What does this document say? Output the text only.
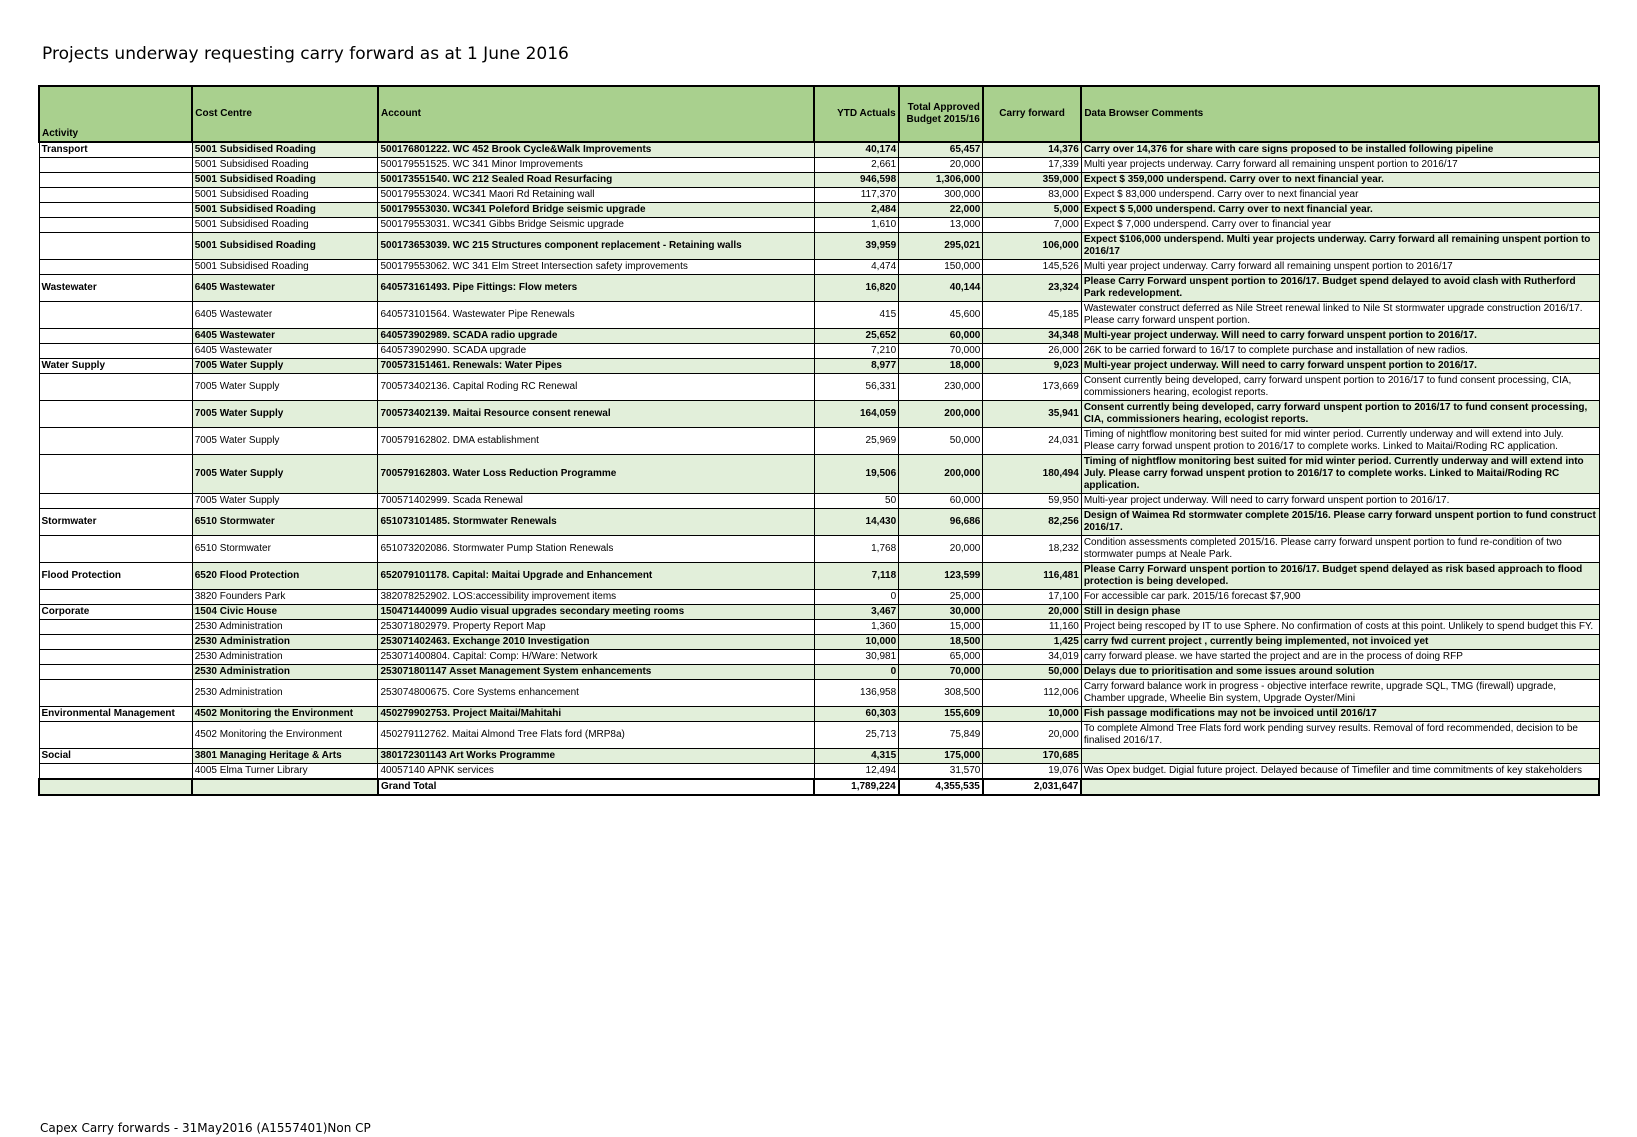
Projects underway requesting carry forward as at 1 June 2016
Activity	Cost Centre	Account	YTD Actuals	Total Approved Budget 2015/16	Carry forward	Data Browser Comments
Transport	5001 Subsidised Roading	500176801222. WC 452 Brook Cycle&Walk Improvements	40,174	65,457	14,376	Carry over 14,376 for share with care signs proposed to be installed following pipeline
	5001 Subsidised Roading	500179551525. WC 341 Minor Improvements	2,661	20,000	17,339	Multi year projects underway. Carry forward all remaining unspent portion to 2016/17
	5001 Subsidised Roading	500173551540. WC 212 Sealed Road Resurfacing	946,598	1,306,000	359,000	Expect $ 359,000 underspend. Carry over to next financial year.
	5001 Subsidised Roading	500179553024. WC341 Maori Rd Retaining wall	117,370	300,000	83,000	Expect $ 83,000 underspend. Carry over to next financial year
	5001 Subsidised Roading	500179553030. WC341 Poleford Bridge seismic upgrade	2,484	22,000	5,000	Expect $ 5,000 underspend. Carry over to next financial year.
	5001 Subsidised Roading	500179553031. WC341 Gibbs Bridge Seismic upgrade	1,610	13,000	7,000	Expect $ 7,000 underspend. Carry over to financial year
	5001 Subsidised Roading	500173653039. WC 215 Structures component replacement - Retaining walls	39,959	295,021	106,000	Expect $106,000 underspend. Multi year projects underway. Carry forward all remaining unspent portion to 2016/17
	5001 Subsidised Roading	500179553062. WC 341 Elm Street Intersection safety improvements	4,474	150,000	145,526	Multi year project underway. Carry forward all remaining unspent portion to 2016/17
Wastewater	6405 Wastewater	640573161493. Pipe Fittings: Flow meters	16,820	40,144	23,324	Please Carry Forward unspent portion to 2016/17. Budget spend delayed to avoid clash with Rutherford Park redevelopment.
	6405 Wastewater	640573101564. Wastewater Pipe Renewals	415	45,600	45,185	Wastewater construct deferred as Nile Street renewal linked to Nile St stormwater upgrade construction 2016/17. Please carry forward unspent portion.
	6405 Wastewater	640573902989. SCADA radio upgrade	25,652	60,000	34,348	Multi-year project underway. Will need to carry forward unspent portion to 2016/17.
	6405 Wastewater	640573902990. SCADA upgrade	7,210	70,000	26,000	26K to be carried forward to 16/17 to complete purchase and installation of new radios.
Water Supply	7005 Water Supply	700573151461. Renewals: Water Pipes	8,977	18,000	9,023	Multi-year project underway. Will need to carry forward unspent portion to 2016/17.
	7005 Water Supply	700573402136. Capital Roding RC Renewal	56,331	230,000	173,669	Consent currently being developed, carry forward unspent portion to 2016/17 to fund consent processing, CIA, commissioners hearing, ecologist reports.
	7005 Water Supply	700573402139. Maitai Resource consent renewal	164,059	200,000	35,941	Consent currently being developed, carry forward unspent portion to 2016/17 to fund consent processing, CIA, commissioners hearing, ecologist reports.
	7005 Water Supply	700579162802. DMA establishment	25,969	50,000	24,031	Timing of nightflow monitoring best suited for mid winter period. Currently underway and will extend into July. Please carry forwad unspent protion to 2016/17 to complete works. Linked to Maitai/Roding RC application.
	7005 Water Supply	700579162803. Water Loss Reduction Programme	19,506	200,000	180,494	Timing of nightflow monitoring best suited for mid winter period. Currently underway and will extend into July. Please carry forwad unspent protion to 2016/17 to complete works. Linked to Maitai/Roding RC application.
	7005 Water Supply	700571402999. Scada Renewal	50	60,000	59,950	Multi-year project underway. Will need to carry forward unspent portion to 2016/17.
Stormwater	6510 Stormwater	651073101485. Stormwater Renewals	14,430	96,686	82,256	Design of Waimea Rd stormwater complete 2015/16. Please carry forward unspent portion to fund construct 2016/17.
	6510 Stormwater	651073202086. Stormwater Pump Station Renewals	1,768	20,000	18,232	Condition assessments completed 2015/16. Please carry forward unspent portion to fund re-condition of two stormwater pumps at Neale Park.
Flood Protection	6520 Flood Protection	652079101178. Capital: Maitai Upgrade and Enhancement	7,118	123,599	116,481	Please Carry Forward unspent portion to 2016/17. Budget spend delayed as risk based approach to flood protection is being developed.
	3820 Founders Park	382078252902. LOS:accessibility improvement items	0	25,000	17,100	For accessible car park. 2015/16 forecast $7,900
Corporate	1504 Civic House	150471440099 Audio visual upgrades secondary meeting rooms	3,467	30,000	20,000	Still in design phase
	2530 Administration	253071802979. Property Report Map	1,360	15,000	11,160	Project being rescoped by IT to use Sphere. No confirmation of costs at this point. Unlikely to spend budget this FY.
	2530 Administration	253071402463. Exchange 2010 Investigation	10,000	18,500	1,425	carry fwd current project , currently being implemented, not invoiced yet
	2530 Administration	253071400804. Capital: Comp: H/Ware: Network	30,981	65,000	34,019	carry forward please. we have started the project and are in the process of doing RFP
	2530 Administration	253071801147 Asset Management System enhancements	0	70,000	50,000	Delays due to prioritisation and some issues around solution
	2530 Administration	253074800675. Core Systems enhancement	136,958	308,500	112,006	Carry forward balance work in progress - objective interface rewrite, upgrade SQL, TMG (firewall) upgrade, Chamber upgrade, Wheelie Bin system, Upgrade Oyster/Mini
Environmental Management	4502 Monitoring the Environment	450279902753. Project Maitai/Mahitahi	60,303	155,609	10,000	Fish passage modifications may not be invoiced until 2016/17
	4502 Monitoring the Environment	450279112762. Maitai Almond Tree Flats ford (MRP8a)	25,713	75,849	20,000	To complete Almond Tree Flats ford work pending survey results. Removal of ford recommended, decision to be finalised 2016/17.
Social	3801 Managing Heritage & Arts	380172301143 Art Works Programme	4,315	175,000	170,685	
	4005 Elma Turner Library	40057140 APNK services	12,494	31,570	19,076	Was Opex budget. Digial future project. Delayed because of Timefiler and time commitments of key stakeholders
		Grand Total	1,789,224	4,355,535	2,031,647	
Capex Carry forwards - 31May2016 (A1557401)Non CP
